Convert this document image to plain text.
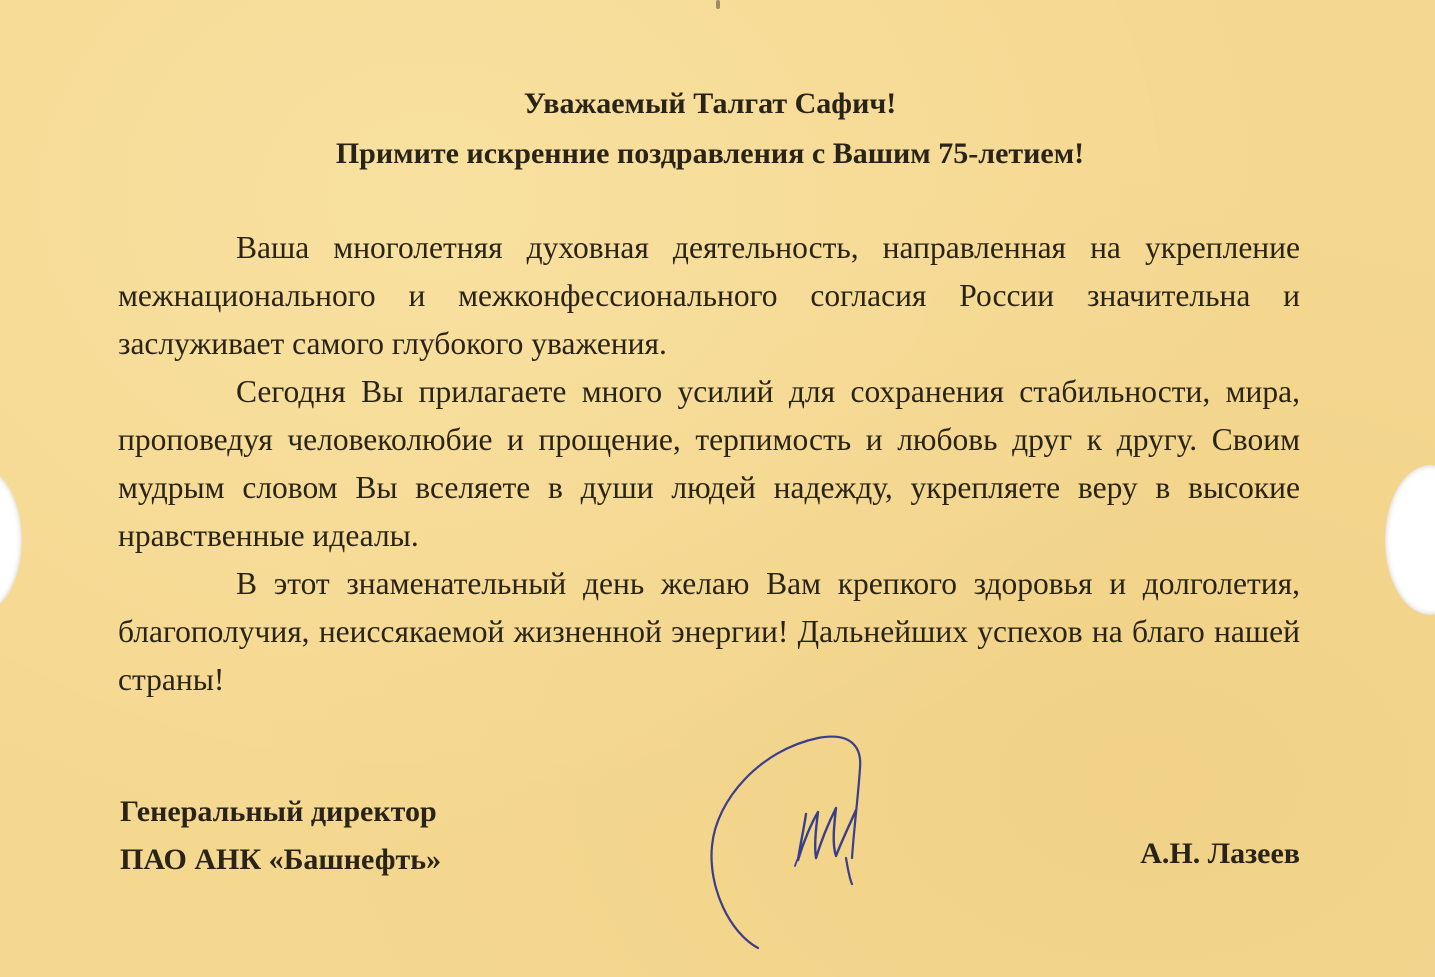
Уважаемый Талгат Сафич!
Примите искренние поздравления с Вашим 75-летием!

Ваша многолетняя духовная деятельность, направленная на укрепление межнационального и межконфессионального согласия России значительна и заслуживает самого глубокого уважения.

Сегодня Вы прилагаете много усилий для сохранения стабильности, мира, проповедуя человеколюбие и прощение, терпимость и любовь друг к другу. Своим мудрым словом Вы вселяете в души людей надежду, укрепляете веру в высокие нравственные идеалы.

В этот знаменательный день желаю Вам крепкого здоровья и долголетия, благополучия, неиссякаемой жизненной энергии! Дальнейших успехов на благо нашей страны!

Генеральный директор
ПАО АНК «Башнефть»	А.Н. Лазеев
